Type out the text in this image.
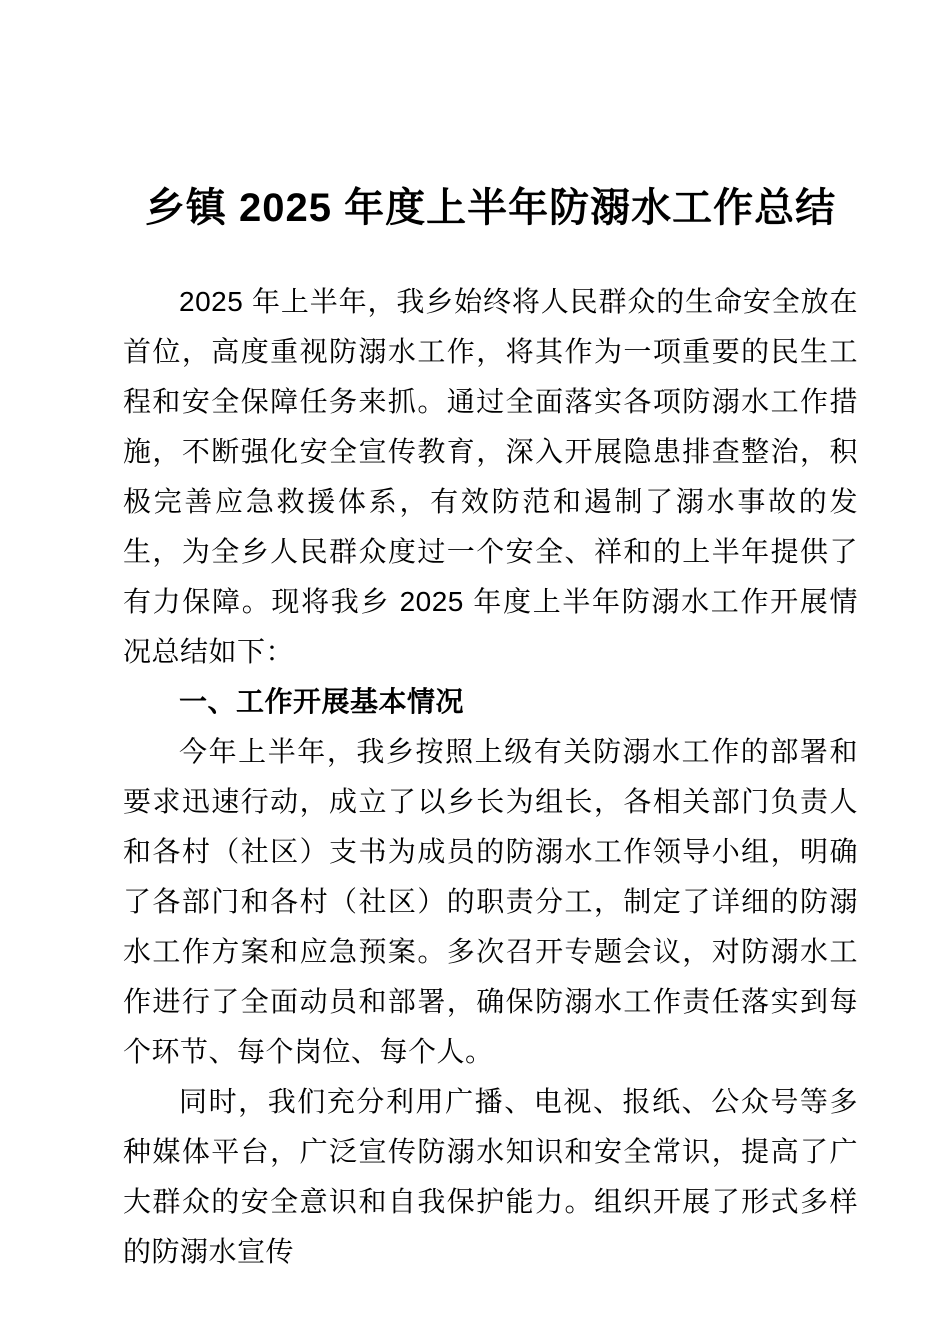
乡镇 2025 年度上半年防溺水工作总结

2025 年上半年，我乡始终将人民群众的生命安全放在首位，高度重视防溺水工作，将其作为一项重要的民生工程和安全保障任务来抓。通过全面落实各项防溺水工作措施，不断强化安全宣传教育，深入开展隐患排查整治，积极完善应急救援体系，有效防范和遏制了溺水事故的发生，为全乡人民群众度过一个安全、祥和的上半年提供了有力保障。现将我乡 2025 年度上半年防溺水工作开展情况总结如下：

一、工作开展基本情况

今年上半年，我乡按照上级有关防溺水工作的部署和要求迅速行动，成立了以乡长为组长，各相关部门负责人和各村（社区）支书为成员的防溺水工作领导小组，明确了各部门和各村（社区）的职责分工，制定了详细的防溺水工作方案和应急预案。多次召开专题会议，对防溺水工作进行了全面动员和部署，确保防溺水工作责任落实到每个环节、每个岗位、每个人。

同时，我们充分利用广播、电视、报纸、公众号等多种媒体平台，广泛宣传防溺水知识和安全常识，提高了广大群众的安全意识和自我保护能力。组织开展了形式多样的防溺水宣传
